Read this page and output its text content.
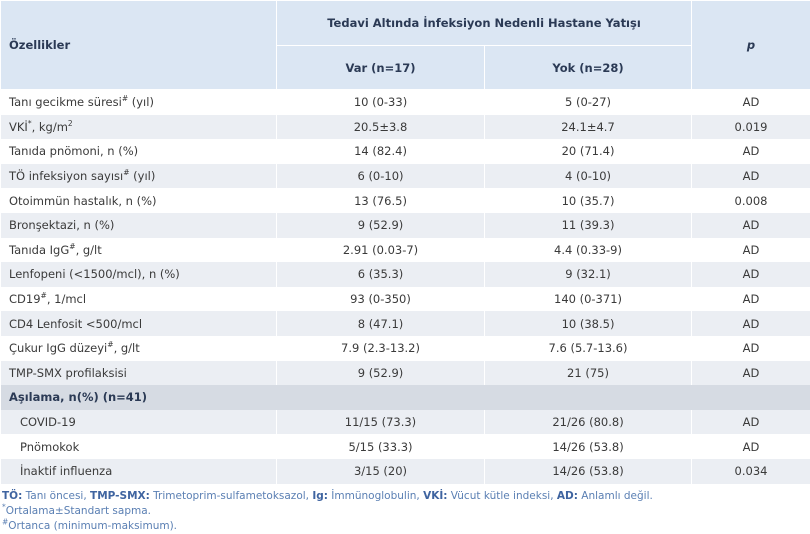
Özellikler	Tedavi Altında İnfeksiyon Nedenli Hastane Yatışı		p
	Var (n=17)	Yok (n=28)	
Tanı gecikme süresi# (yıl)	10 (0-33)	5 (0-27)	AD
VKİ*, $kg/m^2$	20.5±3.8	24.1±4.7	0.019
Tanıda pnömoni, n (%)	14 (82.4)	20 (71.4)	AD
TÖ infeksiyon sayısı# (yıl)	6 (0-10)	4 (0-10)	AD
Otoimmün hastalık, n (%)	13 (76.5)	10 (35.7)	0.008
Bronşektazi, n (%)	9 (52.9)	11 (39.3)	AD
Tanıda IgG#, g/lt	2.91 (0.03-7)	4.4 (0.33-9)	AD
Lenfopeni (<1500/mcl), n (%)	6 (35.3)	9 (32.1)	AD
CD19#, 1/mcl	93 (0-350)	140 (0-371)	AD
CD4 Lenfosit <500/mcl	8 (47.1)	10 (38.5)	AD
Çukur IgG düzeyi#, g/lt	7.9 (2.3-13.2)	7.6 (5.7-13.6)	AD
TMP-SMX profilaksisi	9 (52.9)	21 (75)	AD
Aşılama, n(%) (n=41)			
COVID-19	11/15 (73.3)	21/26 (80.8)	AD
Pnömokok	5/15 (33.3)	14/26 (53.8)	AD
İnaktif influenza	3/15 (20)	14/26 (53.8)	0.034
TÖ: Tanı öncesi, TMP-SMX: Trimetoprim-sulfametoksazol, Ig: İmmünoglobulin, VKİ: Vücut kütle indeksi, AD: Anlamlı değil.
*Ortalama±Standart sapma.
#Ortanca (minimum-maksimum).
